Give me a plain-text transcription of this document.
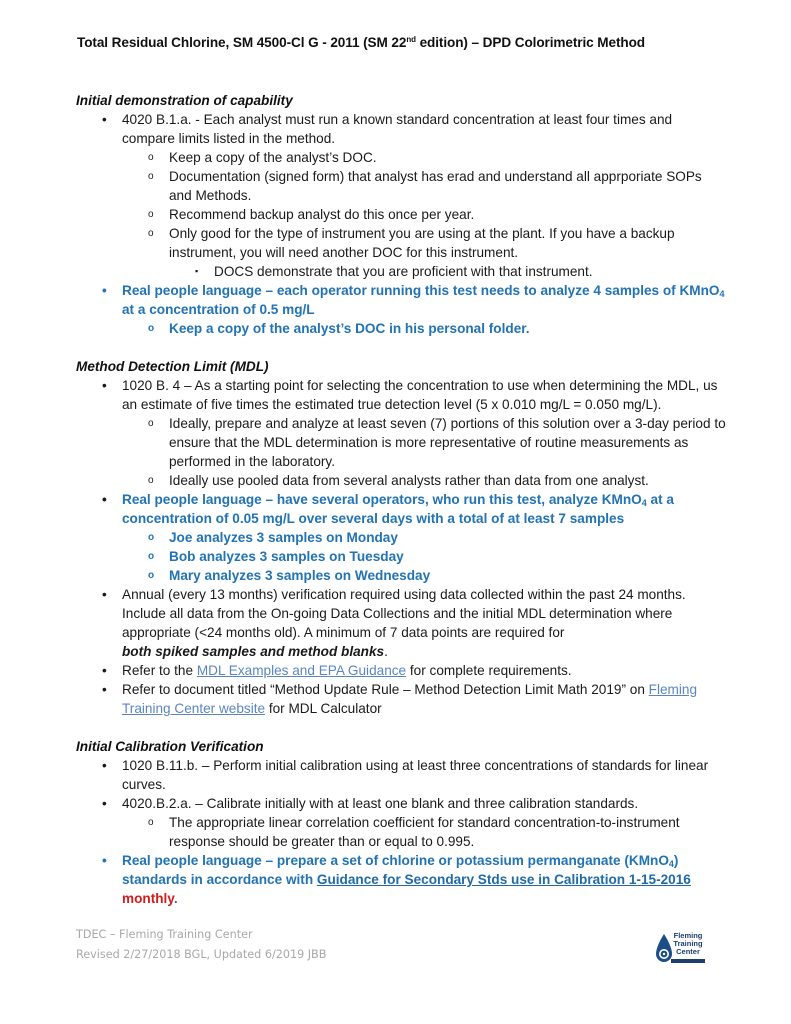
Total Residual Chlorine, SM 4500-Cl G - 2011 (SM 22nd edition) – DPD Colorimetric Method

Initial demonstration of capability

• 4020 B.1.a. - Each analyst must run a known standard concentration at least four times and compare limits listed in the method.
o Keep a copy of the analyst’s DOC.
o Documentation (signed form) that analyst has erad and understand all apprporiate SOPs and Methods.
o Recommend backup analyst do this once per year.
o Only good for the type of instrument you are using at the plant. If you have a backup instrument, you will need another DOC for this instrument.
▪ DOCS demonstrate that you are proficient with that instrument.
• Real people language – each operator running this test needs to analyze 4 samples of KMnO$_4$ at a concentration of 0.5 mg/L
o Keep a copy of the analyst’s DOC in his personal folder.

Method Detection Limit (MDL)

• 1020 B. 4 – As a starting point for selecting the concentration to use when determining the MDL, us an estimate of five times the estimated true detection level (5 x 0.010 mg/L = 0.050 mg/L).
o Ideally, prepare and analyze at least seven (7) portions of this solution over a 3-day period to ensure that the MDL determination is more representative of routine measurements as performed in the laboratory.
o Ideally use pooled data from several analysts rather than data from one analyst.
• Real people language – have several operators, who run this test, analyze KMnO$_4$ at a concentration of 0.05 mg/L over several days with a total of at least 7 samples
o Joe analyzes 3 samples on Monday
o Bob analyzes 3 samples on Tuesday
o Mary analyzes 3 samples on Wednesday
• Annual (every 13 months) verification required using data collected within the past 24 months. Include all data from the On-going Data Collections and the initial MDL determination where appropriate (<24 months old). A minimum of 7 data points are required for
both spiked samples and method blanks.
• Refer to the MDL Examples and EPA Guidance for complete requirements.
• Refer to document titled “Method Update Rule – Method Detection Limit Math 2019” on Fleming Training Center website for MDL Calculator

Initial Calibration Verification

• 1020 B.11.b. – Perform initial calibration using at least three concentrations of standards for linear curves.
• 4020.B.2.a. – Calibrate initially with at least one blank and three calibration standards.
o The appropriate linear correlation coefficient for standard concentration-to-instrument response should be greater than or equal to 0.995.
• Real people language – prepare a set of chlorine or potassium permanganate (KMnO$_4$) standards in accordance with Guidance for Secondary Stds use in Calibration 1-15-2016 monthly.
TDEC – Fleming Training Center
Revised 2/27/2018 BGL, Updated 6/2019 JBB
Fleming
Training
Center
